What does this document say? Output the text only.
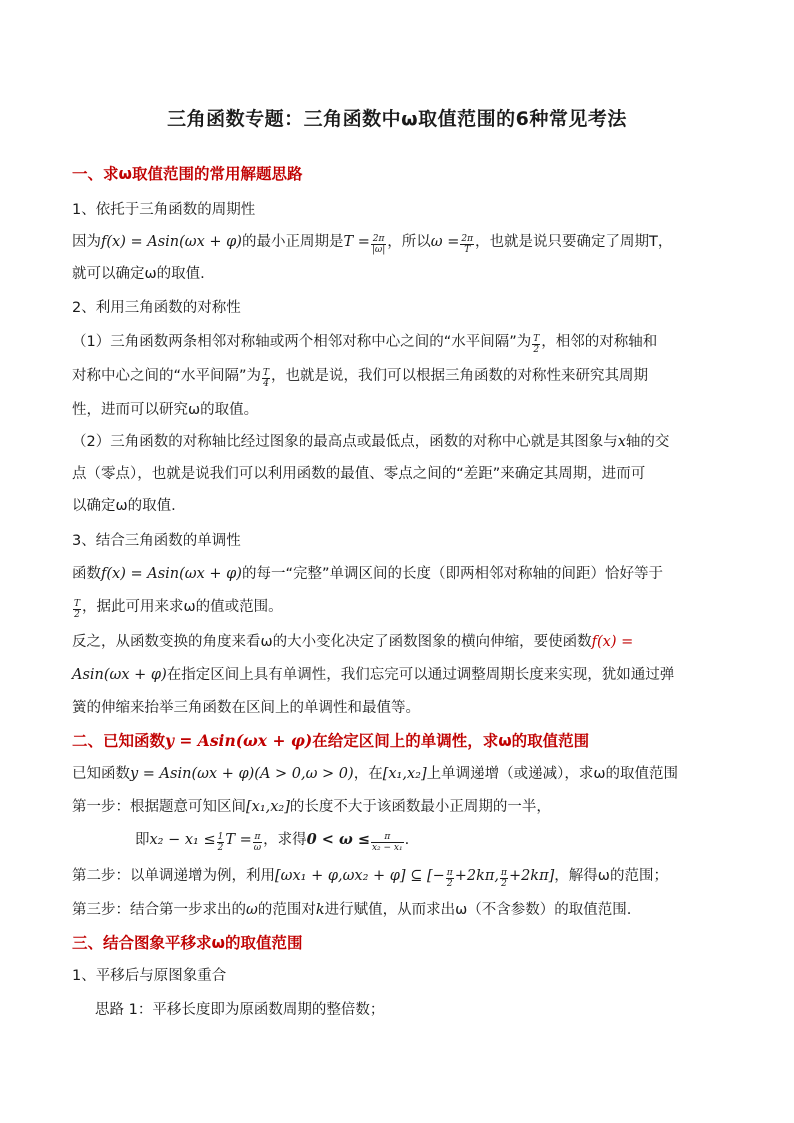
三角函数专题：三角函数中ω取值范围的6种常见考法
一、求ω取值范围的常用解题思路
1、依托于三角函数的周期性
因为f(x) = Asin(ωx + φ)的最小正周期是$T = \frac{2\pi}{|\omega|}$ ，所以$\omega = \frac{2\pi}{T}$ ，也就是说只要确定了周期T，
就可以确定ω的取值.
2、利用三角函数的对称性
（1）三角函数两条相邻对称轴或两个相邻对称中心之间的“水平间隔”为 $\frac{T}{2}$ ，相邻的对称轴和
对称中心之间的“水平间隔”为 $\frac{T}{4}$ ，也就是说，我们可以根据三角函数的对称性来研究其周期
性，进而可以研究ω的取值。
（2）三角函数的对称轴比经过图象的最高点或最低点，函数的对称中心就是其图象与x轴的交
点（零点），也就是说我们可以利用函数的最值、零点之间的“差距”来确定其周期，进而可
以确定ω的取值.
3、结合三角函数的单调性
函数f(x) = Asin(ωx + φ)的每一“完整”单调区间的长度（即两相邻对称轴的间距）恰好等于
$\frac{T}{2}$ ，据此可用来求ω的值或范围。
反之，从函数变换的角度来看ω的大小变化决定了函数图象的横向伸缩，要使函数f(x) =
Asin(ωx + φ)在指定区间上具有单调性，我们忘完可以通过调整周期长度来实现，犹如通过弹
簧的伸缩来抬举三角函数在区间上的单调性和最值等。
二、已知函数y = Asin(ωx + φ)在给定区间上的单调性，求ω的取值范围
已知函数y = Asin(ωx + φ)(A > 0,ω > 0)，在[x₁,x₂]上单调递增（或递减），求ω的取值范围
第一步：根据题意可知区间[x₁,x₂]的长度不大于该函数最小正周期的一半，
即$x_2 - x_1 \le \frac{1}{2}$ $T = \frac{\pi}{\omega}$ ，求得$0 < \omega \le \frac{\pi}{\text{x₂ − x₁}}$ .
第二步：以单调递增为例，利用[ωx₁ + φ,ωx₂ + φ] ⊆ [− $\frac{\pi}{2} +2k\pi$, $\frac{\pi}{2} +2k\pi$]，解得ω的范围；
第三步：结合第一步求出的ω的范围对k进行赋值，从而求出ω（不含参数）的取值范围.
三、结合图象平移求ω的取值范围
1、平移后与原图象重合
思路 1：平移长度即为原函数周期的整倍数；
